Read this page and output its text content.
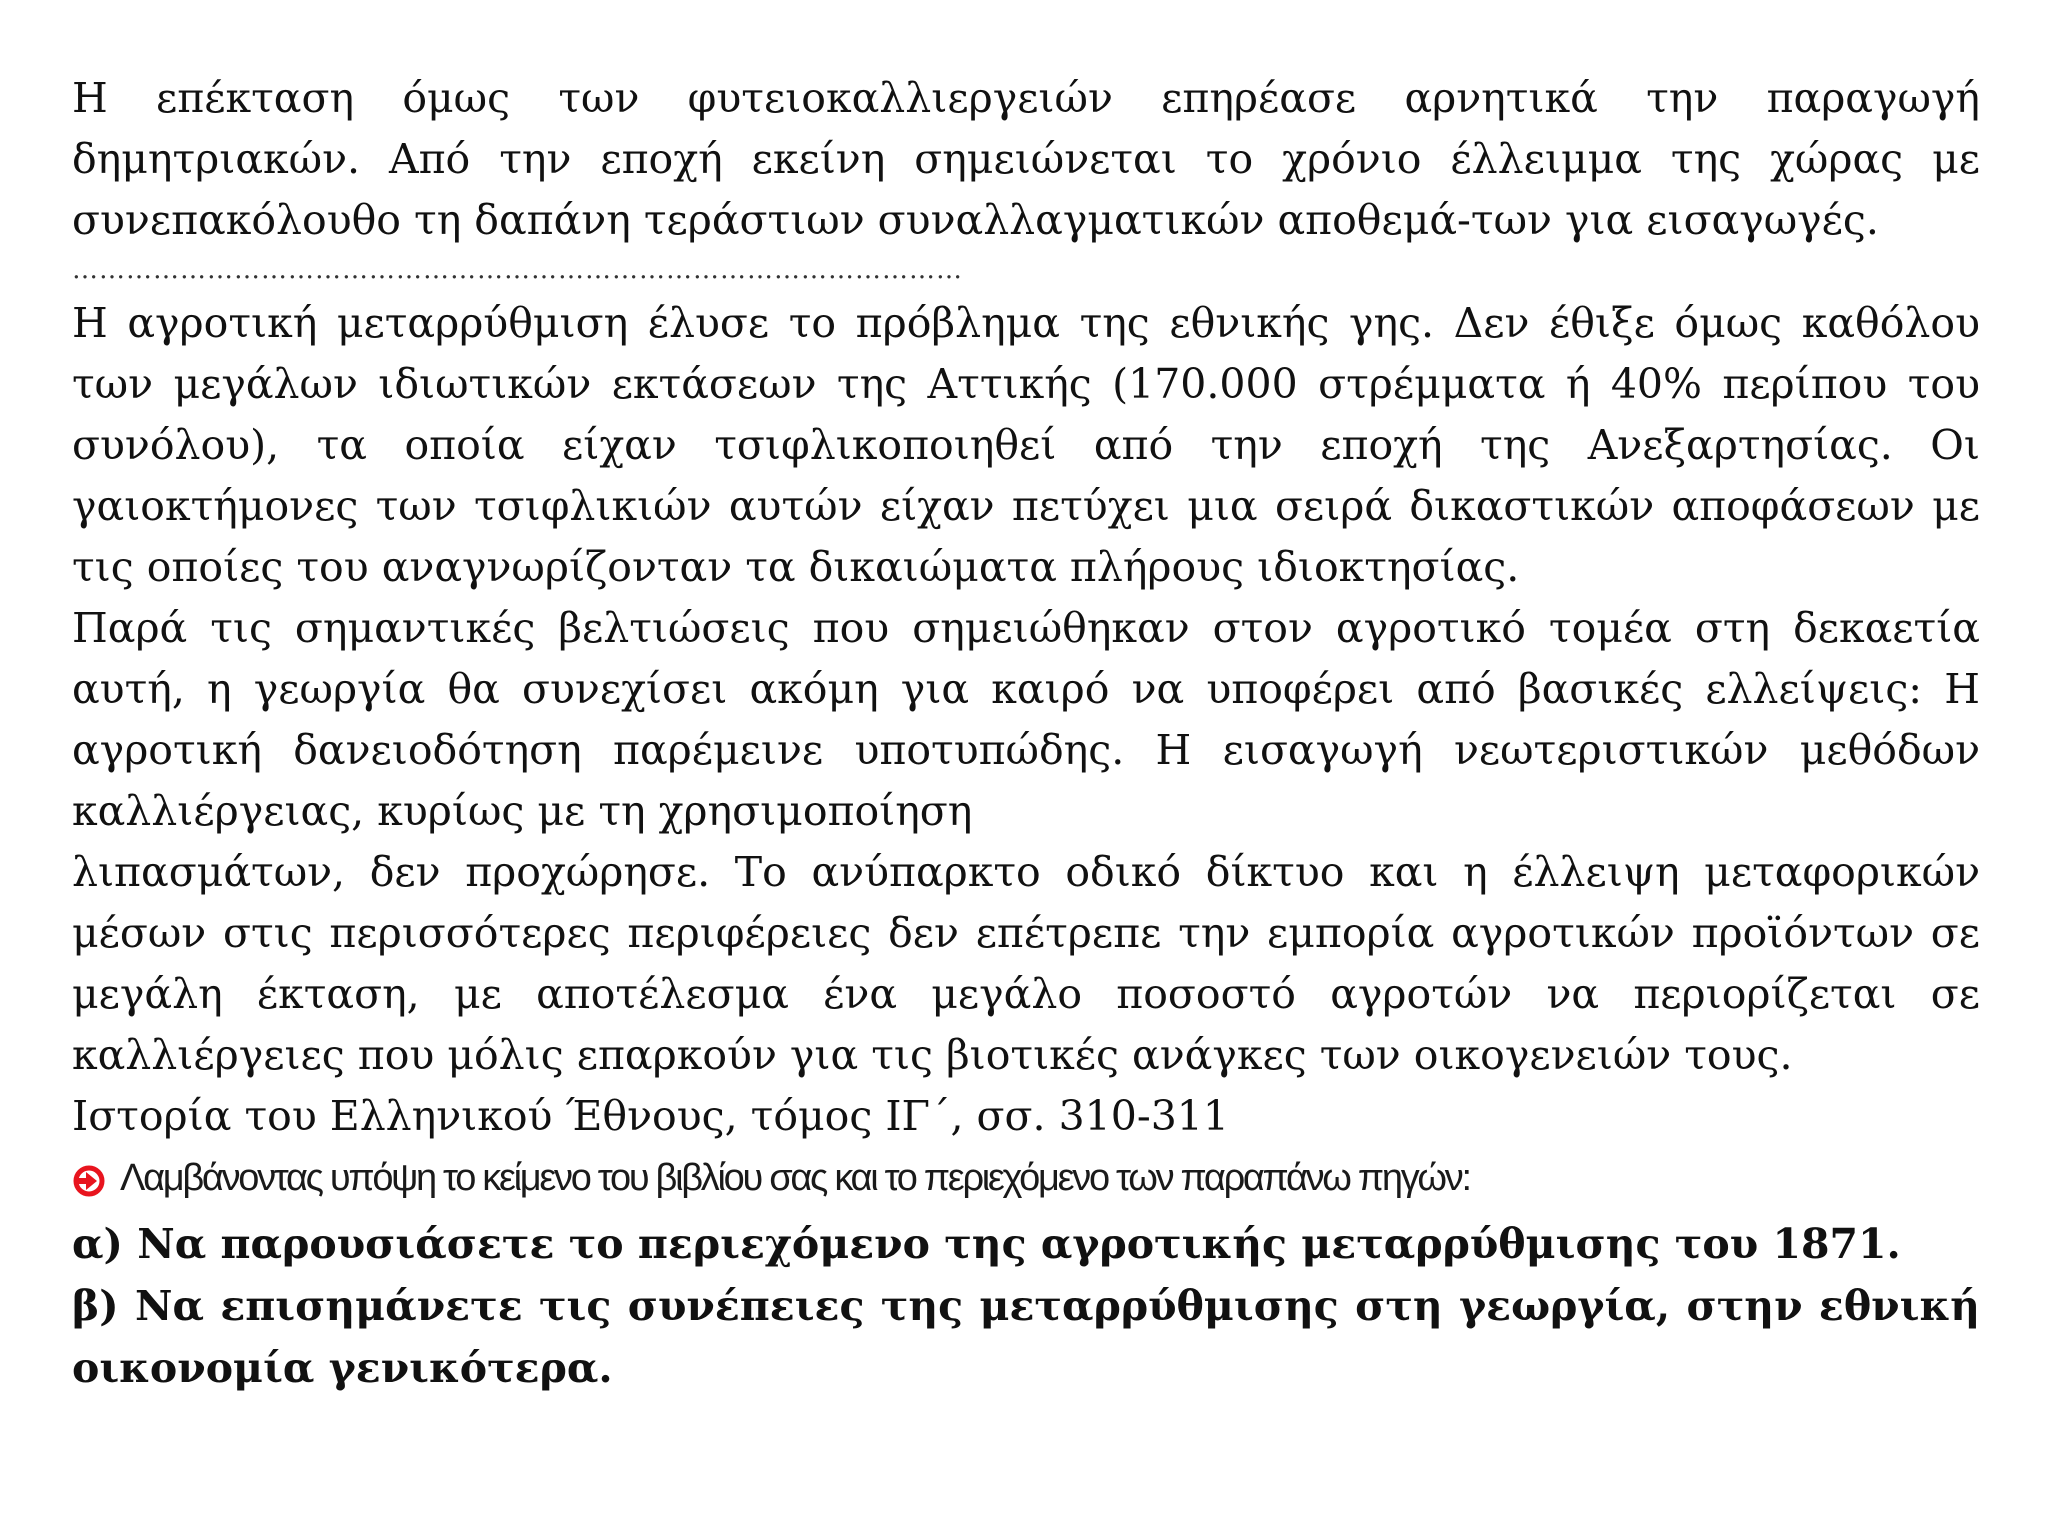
Η επέκταση όμως των φυτειοκαλλιεργειών επηρέασε αρνητικά την παραγωγή δημητριακών. Από την εποχή εκείνη σημειώνεται το χρόνιο έλλειμμα της χώρας με συνεπακόλουθο τη δαπάνη τεράστιων συναλλαγματικών αποθεμά-των για εισαγωγές.

………………………………………………………………………………………

Η αγροτική μεταρρύθμιση έλυσε το πρόβλημα της εθνικής γης. Δεν έθιξε όμως καθόλου των μεγάλων ιδιωτικών εκτάσεων της Αττικής (170.000 στρέμματα ή 40% περίπου του συνόλου), τα οποία είχαν τσιφλικοποιηθεί από την εποχή της Ανεξαρτησίας. Οι γαιοκτήμονες των τσιφλικιών αυτών είχαν πετύχει μια σειρά δικαστικών αποφάσεων με τις οποίες του αναγνωρίζονταν τα δικαιώματα πλήρους ιδιοκτησίας.

Παρά τις σημαντικές βελτιώσεις που σημειώθηκαν στον αγροτικό τομέα στη δεκαετία αυτή, η γεωργία θα συνεχίσει ακόμη για καιρό να υποφέρει από βασικές ελλείψεις: Η αγροτική δανειοδότηση παρέμεινε υποτυπώδης. Η εισαγωγή νεωτεριστικών μεθόδων καλλιέργειας, κυρίως με τη χρησιμοποίηση

λιπασμάτων, δεν προχώρησε. Το ανύπαρκτο οδικό δίκτυο και η έλλειψη μεταφορικών μέσων στις περισσότερες περιφέρειες δεν επέτρεπε την εμπορία αγροτικών προϊόντων σε μεγάλη έκταση, με αποτέλεσμα ένα μεγάλο ποσοστό αγροτών να περιορίζεται σε καλλιέργειες που μόλις επαρκούν για τις βιοτικές ανάγκες των οικογενειών τους.

Ιστορία του Ελληνικού Έθνους, τόμος ΙΓ΄, σσ. 310-311

Λαμβάνοντας υπόψη το κείμενο του βιβλίου σας και το περιεχόμενο των παραπάνω πηγών:

α) Να παρουσιάσετε το περιεχόμενο της αγροτικής μεταρρύθμισης του 1871.

β) Να επισημάνετε τις συνέπειες της μεταρρύθμισης στη γεωργία, στην εθνική οικονομία γενικότερα.
